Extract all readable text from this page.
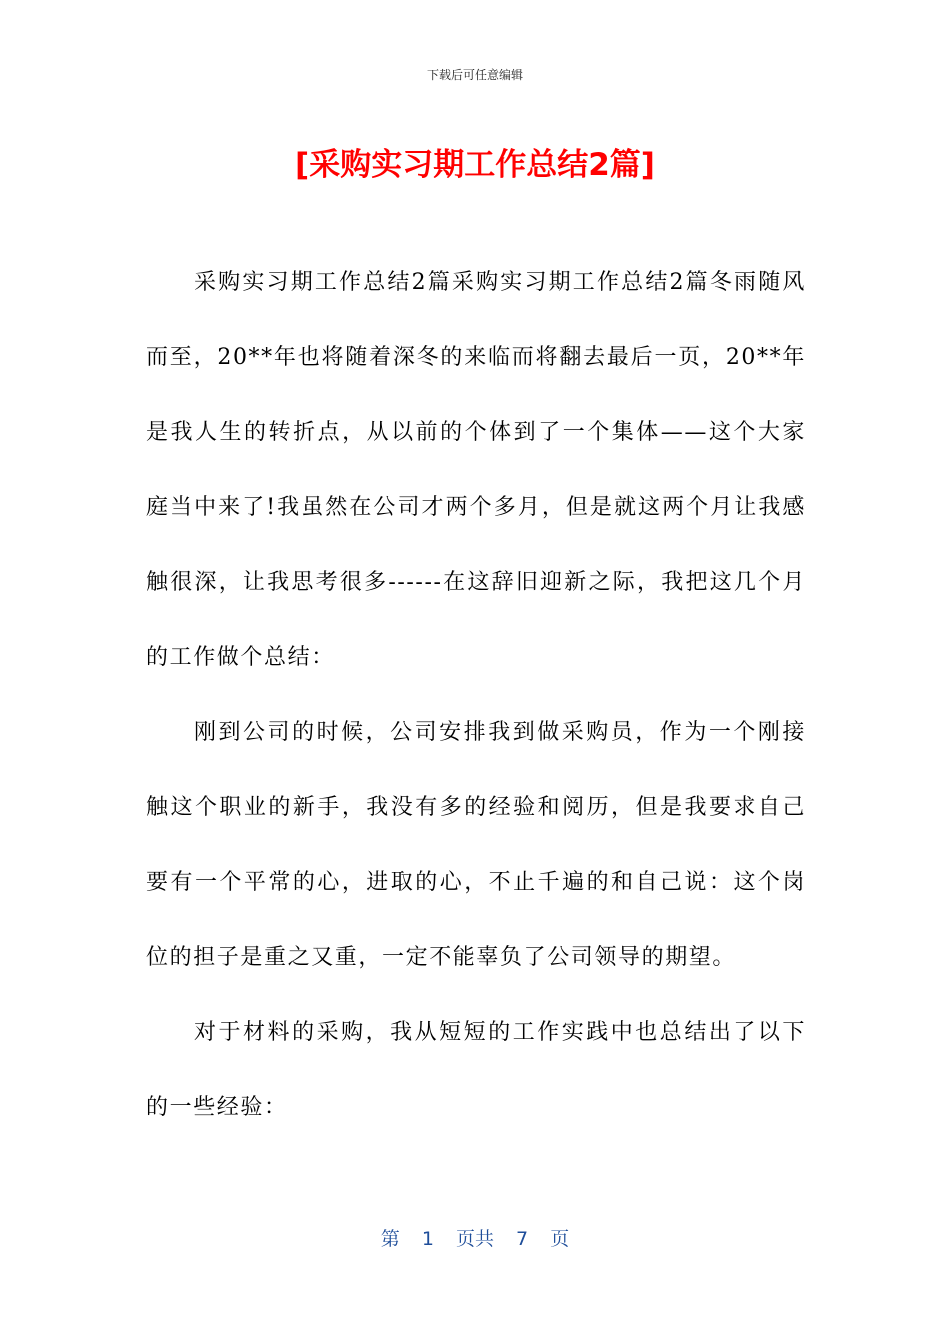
下载后可任意编辑
[采购实习期工作总结2篇]

采购实习期工作总结2篇采购实习期工作总结2篇冬雨随风而至，20**年也将随着深冬的来临而将翻去最后一页，20**年是我人生的转折点，从以前的个体到了一个集体——这个大家庭当中来了!我虽然在公司才两个多月，但是就这两个月让我感触很深，让我思考很多------在这辞旧迎新之际，我把这几个月的工作做个总结：

刚到公司的时候，公司安排我到做采购员，作为一个刚接触这个职业的新手，我没有多的经验和阅历，但是我要求自己要有一个平常的心，进取的心，不止千遍的和自己说：这个岗位的担子是重之又重，一定不能辜负了公司领导的期望。

对于材料的采购，我从短短的工作实践中也总结出了以下的一些经验：

第 1 页共 7 页
